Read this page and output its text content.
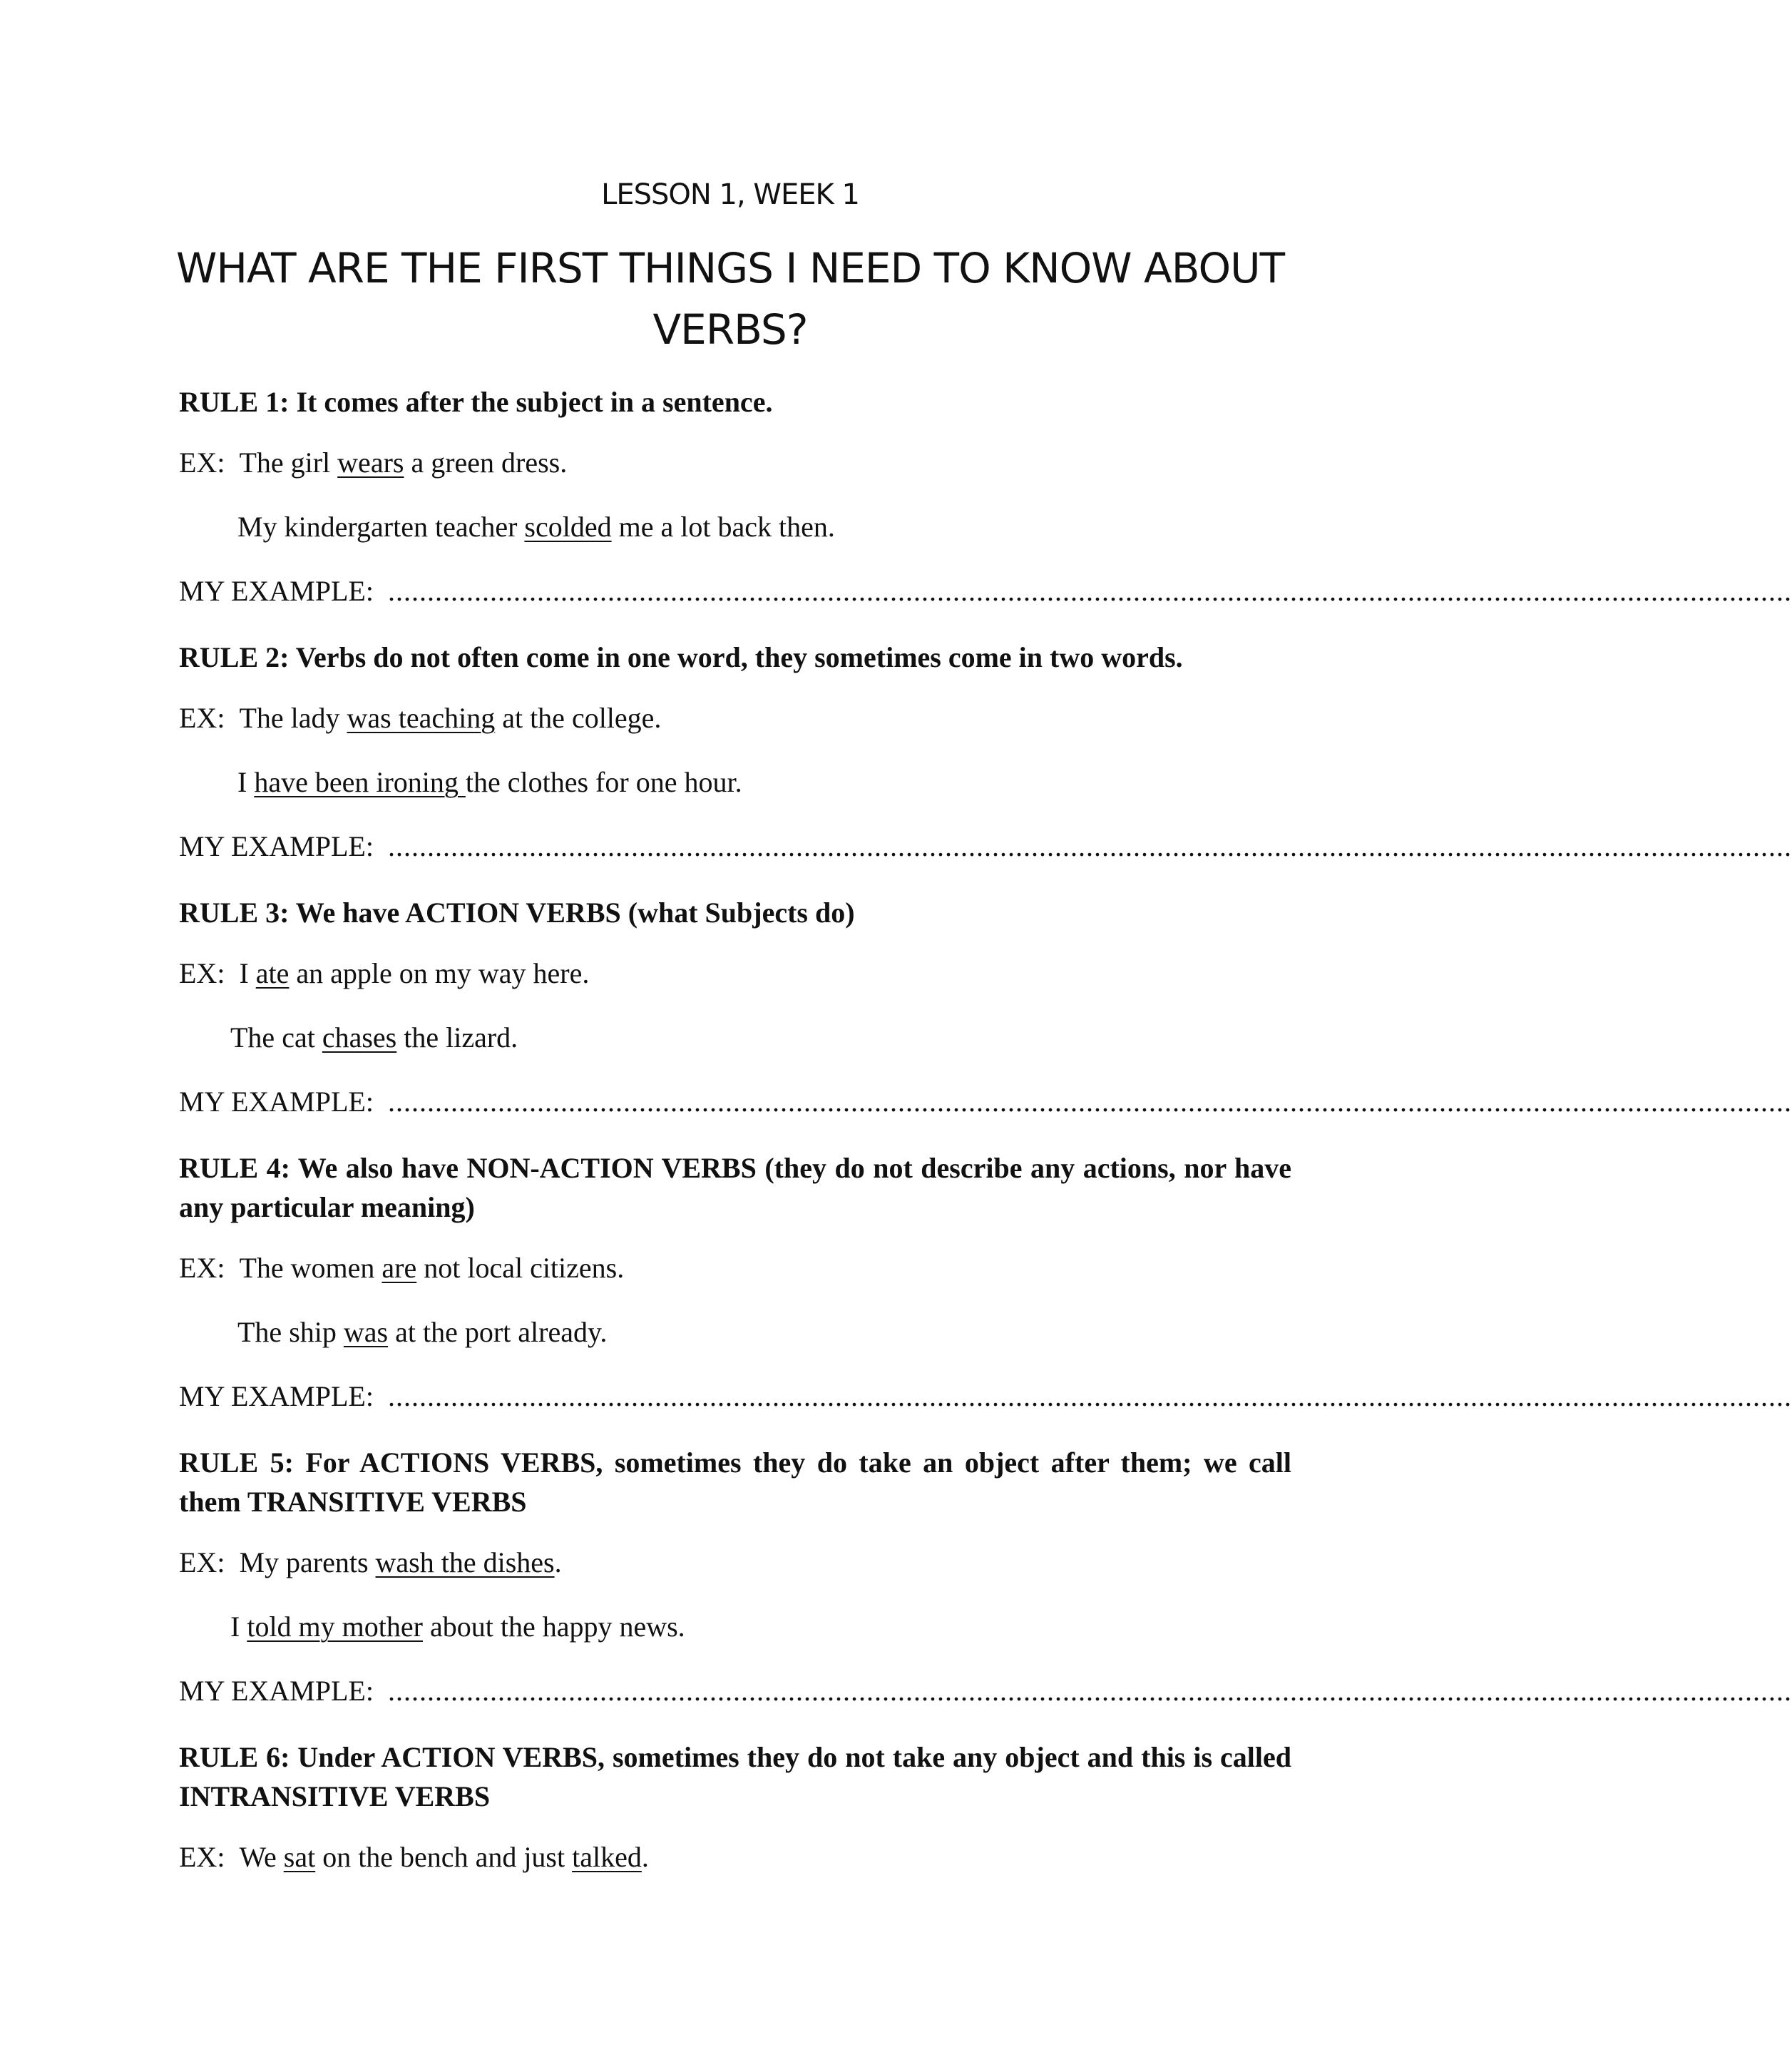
LESSON 1, WEEK 1
WHAT ARE THE FIRST THINGS I NEED TO KNOW ABOUT
VERBS?
RULE 1: It comes after the subject in a sentence.
EX: The girl wears a green dress.
My kindergarten teacher scolded me a lot back then.
MY EXAMPLE: ...................................................................................................................................................................................
RULE 2: Verbs do not often come in one word, they sometimes come in two words.
EX: The lady was teaching at the college.
I have been ironing the clothes for one hour.
MY EXAMPLE: ...................................................................................................................................................................................
RULE 3: We have ACTION VERBS (what Subjects do)
EX: I ate an apple on my way here.
The cat chases the lizard.
MY EXAMPLE: ...................................................................................................................................................................................
RULE 4: We also have NON-ACTION VERBS (they do not describe any actions, nor have any particular meaning)
EX: The women are not local citizens.
The ship was at the port already.
MY EXAMPLE: ...................................................................................................................................................................................
RULE 5: For ACTIONS VERBS, sometimes they do take an object after them; we call them TRANSITIVE VERBS
EX: My parents wash the dishes.
I told my mother about the happy news.
MY EXAMPLE: ...................................................................................................................................................................................
RULE 6: Under ACTION VERBS, sometimes they do not take any object and this is called INTRANSITIVE VERBS
EX: We sat on the bench and just talked.
